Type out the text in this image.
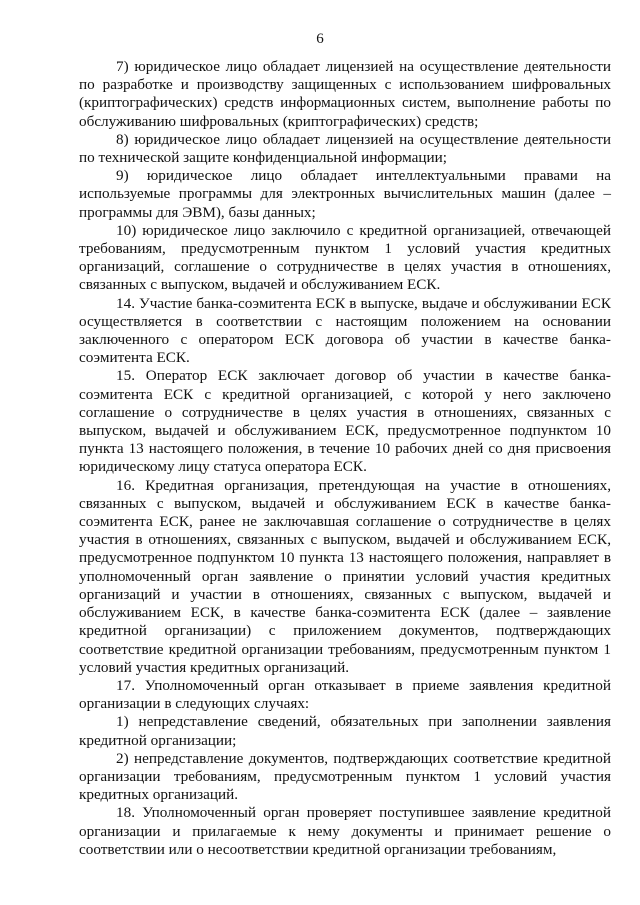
6

7) юридическое лицо обладает лицензией на осуществление деятельности по разработке и производству защищенных с использованием шифровальных (криптографических) средств информационных систем, выполнение работы по обслуживанию шифровальных (криптографических) средств;

8) юридическое лицо обладает лицензией на осуществление деятельности по технической защите конфиденциальной информации;

9) юридическое лицо обладает интеллектуальными правами на используемые программы для электронных вычислительных машин (далее – программы для ЭВМ), базы данных;

10) юридическое лицо заключило с кредитной организацией, отвечающей требованиям, предусмотренным пунктом 1 условий участия кредитных организаций, соглашение о сотрудничестве в целях участия в отношениях, связанных с выпуском, выдачей и обслуживанием ЕСК.

14. Участие банка-соэмитента ЕСК в выпуске, выдаче и обслуживании ЕСК осуществляется в соответствии с настоящим положением на основании заключенного с оператором ЕСК договора об участии в качестве банка-соэмитента ЕСК.

15. Оператор ЕСК заключает договор об участии в качестве банка-соэмитента ЕСК с кредитной организацией, с которой у него заключено соглашение о сотрудничестве в целях участия в отношениях, связанных с выпуском, выдачей и обслуживанием ЕСК, предусмотренное подпунктом 10 пункта 13 настоящего положения, в течение 10 рабочих дней со дня присвоения юридическому лицу статуса оператора ЕСК.

16. Кредитная организация, претендующая на участие в отношениях, связанных с выпуском, выдачей и обслуживанием ЕСК в качестве банка-соэмитента ЕСК, ранее не заключавшая соглашение о сотрудничестве в целях участия в отношениях, связанных с выпуском, выдачей и обслуживанием ЕСК, предусмотренное подпунктом 10 пункта 13 настоящего положения, направляет в уполномоченный орган заявление о принятии условий участия кредитных организаций и участии в отношениях, связанных с выпуском, выдачей и обслуживанием ЕСК, в качестве банка-соэмитента ЕСК (далее – заявление кредитной организации) с приложением документов, подтверждающих соответствие кредитной организации требованиям, предусмотренным пунктом 1 условий участия кредитных организаций.

17. Уполномоченный орган отказывает в приеме заявления кредитной организации в следующих случаях:

1) непредставление сведений, обязательных при заполнении заявления кредитной организации;

2) непредставление документов, подтверждающих соответствие кредитной организации требованиям, предусмотренным пунктом 1 условий участия кредитных организаций.

18. Уполномоченный орган проверяет поступившее заявление кредитной организации и прилагаемые к нему документы и принимает решение о соответствии или о несоответствии кредитной организации требованиям,
